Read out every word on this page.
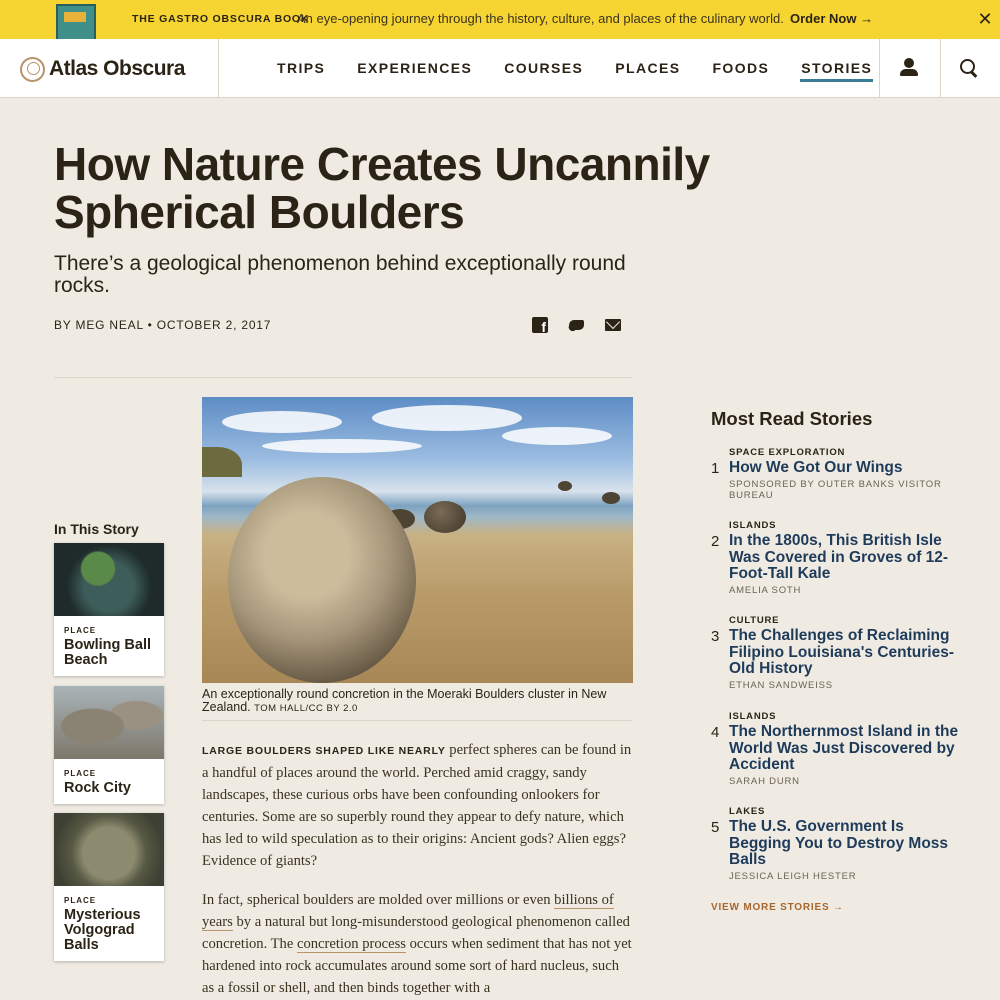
THE GASTRO OBSCURA BOOK
An eye-opening journey through the history, culture, and places of the culinary world. Order Now →	✕
Atlas Obscura	TRIPS EXPERIENCES COURSES PLACES FOODS STORIES
How Nature Creates Uncannily Spherical Boulders

There’s a geological phenomenon behind exceptionally round rocks.

BY MEG NEAL • OCTOBER 2, 2017

f
In This Story
PLACE
Bowling Ball Beach
PLACE
Rock City
PLACE
Mysterious Volgograd Balls

An exceptionally round concretion in the Moeraki Boulders cluster in New Zealand. TOM HALL/CC BY 2.0

LARGE BOULDERS SHAPED LIKE NEARLY perfect spheres can be found in a handful of places around the world. Perched amid craggy, sandy landscapes, these curious orbs have been confounding onlookers for centuries. Some are so superbly round they appear to defy nature, which has led to wild speculation as to their origins: Ancient gods? Alien eggs? Evidence of giants?

In fact, spherical boulders are molded over millions or even billions of years by a natural but long-misunderstood geological phenomenon called concretion. The concretion process occurs when sediment that has not yet hardened into rock accumulates around some sort of hard nucleus, such as a fossil or shell, and then binds together with a

Most Read Stories
1
SPACE EXPLORATION
How We Got Our Wings
SPONSORED BY OUTER BANKS VISITOR BUREAU
2
ISLANDS
In the 1800s, This British Isle Was Covered in Groves of 12-Foot-Tall Kale
AMELIA SOTH
3
CULTURE
The Challenges of Reclaiming Filipino Louisiana's Centuries-Old History
ETHAN SANDWEISS
4
ISLANDS
The Northernmost Island in the World Was Just Discovered by Accident
SARAH DURN
5
LAKES
The U.S. Government Is Begging You to Destroy Moss Balls
JESSICA LEIGH HESTER
VIEW MORE STORIES →
